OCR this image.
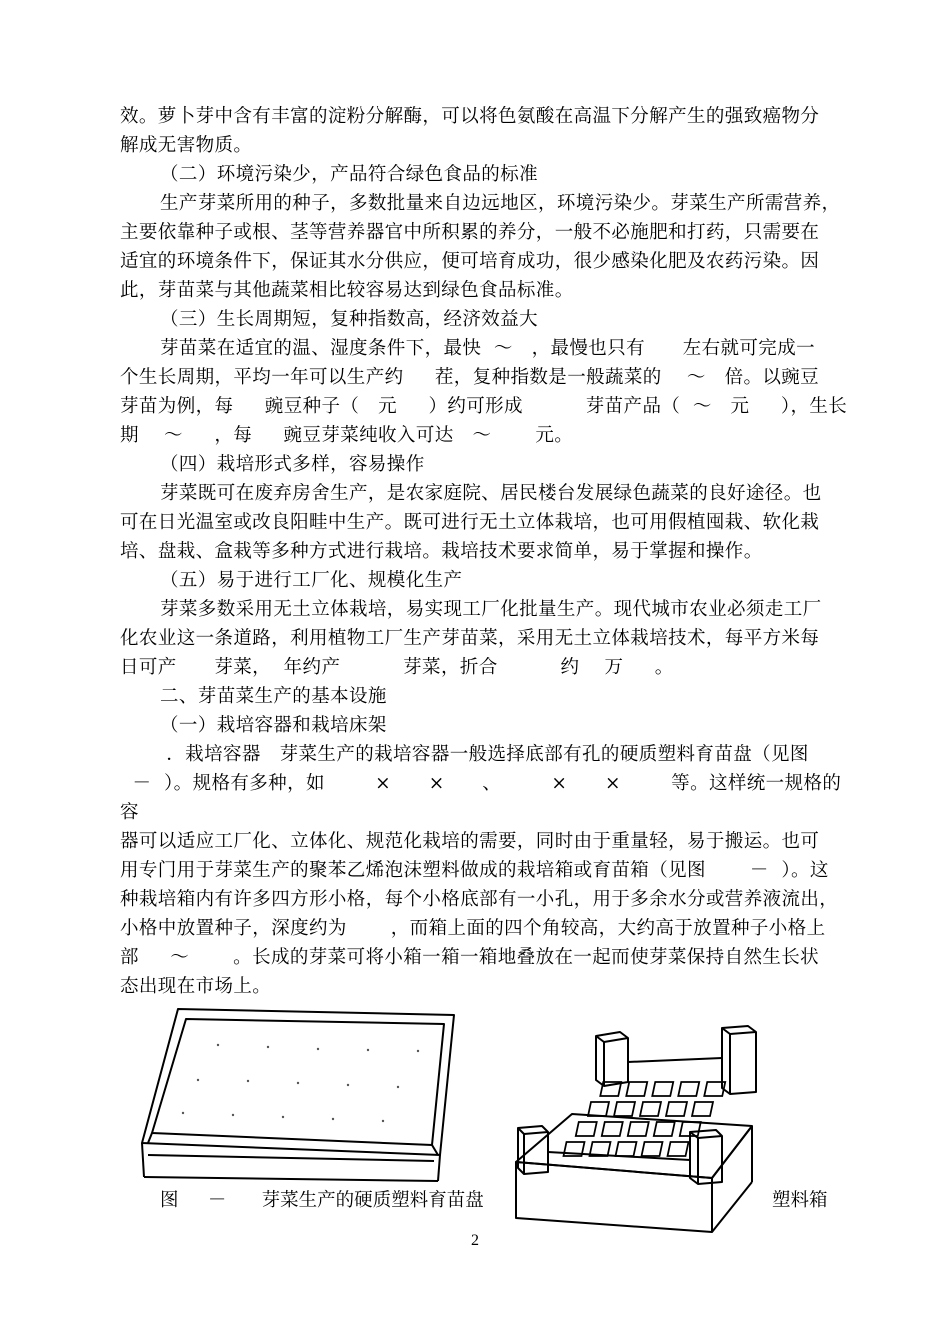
效。萝卜芽中含有丰富的淀粉分解酶，可以将色氨酸在高温下分解产生的强致癌物分
解成无害物质。
（二）环境污染少，产品符合绿色食品的标准
生产芽菜所用的种子，多数批量来自边远地区，环境污染少。芽菜生产所需营养，
主要依靠种子或根、茎等营养器官中所积累的养分，一般不必施肥和打药，只需要在
适宜的环境条件下，保证其水分供应，便可培育成功，很少感染化肥及农药污染。因
此，芽苗菜与其他蔬菜相比较容易达到绿色食品标准。
（三）生长周期短，复种指数高，经济效益大
芽苗菜在适宜的温、湿度条件下，最快  ～   ，最慢也只有      左右就可完成一
个生长周期，平均一年可以生产约     茬，复种指数是一般蔬菜的    ～   倍。以豌豆
芽苗为例，每     豌豆种子（   元     ）约可形成          芽苗产品（  ～   元     ），生长
期    ～     ，每     豌豆芽菜纯收入可达   ～       元。
（四）栽培形式多样，容易操作
芽菜既可在废弃房舍生产，是农家庭院、居民楼台发展绿色蔬菜的良好途径。也
可在日光温室或改良阳畦中生产。既可进行无土立体栽培，也可用假植囤栽、软化栽
培、盘栽、盒栽等多种方式进行栽培。栽培技术要求简单，易于掌握和操作。
（五）易于进行工厂化、规模化生产
芽菜多数采用无土立体栽培，易实现工厂化批量生产。现代城市农业必须走工厂
化农业这一条道路，利用植物工厂生产芽苗菜，采用无土立体栽培技术，每平方米每
日可产      芽菜，  年约产          芽菜，折合          约    万     。
二、芽苗菜生产的基本设施
（一）栽培容器和栽培床架
．栽培容器   芽菜生产的栽培容器一般选择底部有孔的硬质塑料育苗盘（见图
－  ）。规格有多种，如        ×      ×      、        ×      ×        等。这样统一规格的
容
器可以适应工厂化、立体化、规范化栽培的需要，同时由于重量轻，易于搬运。也可
用专门用于芽菜生产的聚苯乙烯泡沫塑料做成的栽培箱或育苗箱（见图       －  ）。这
种栽培箱内有许多四方形小格，每个小格底部有一小孔，用于多余水分或营养液流出，
小格中放置种子，深度约为       ，而箱上面的四个角较高，大约高于放置种子小格上
部     ～       。长成的芽菜可将小箱一箱一箱地叠放在一起而使芽菜保持自然生长状
态出现在市场上。
图     －      芽菜生产的硬质塑料育苗盘	塑料箱
2
